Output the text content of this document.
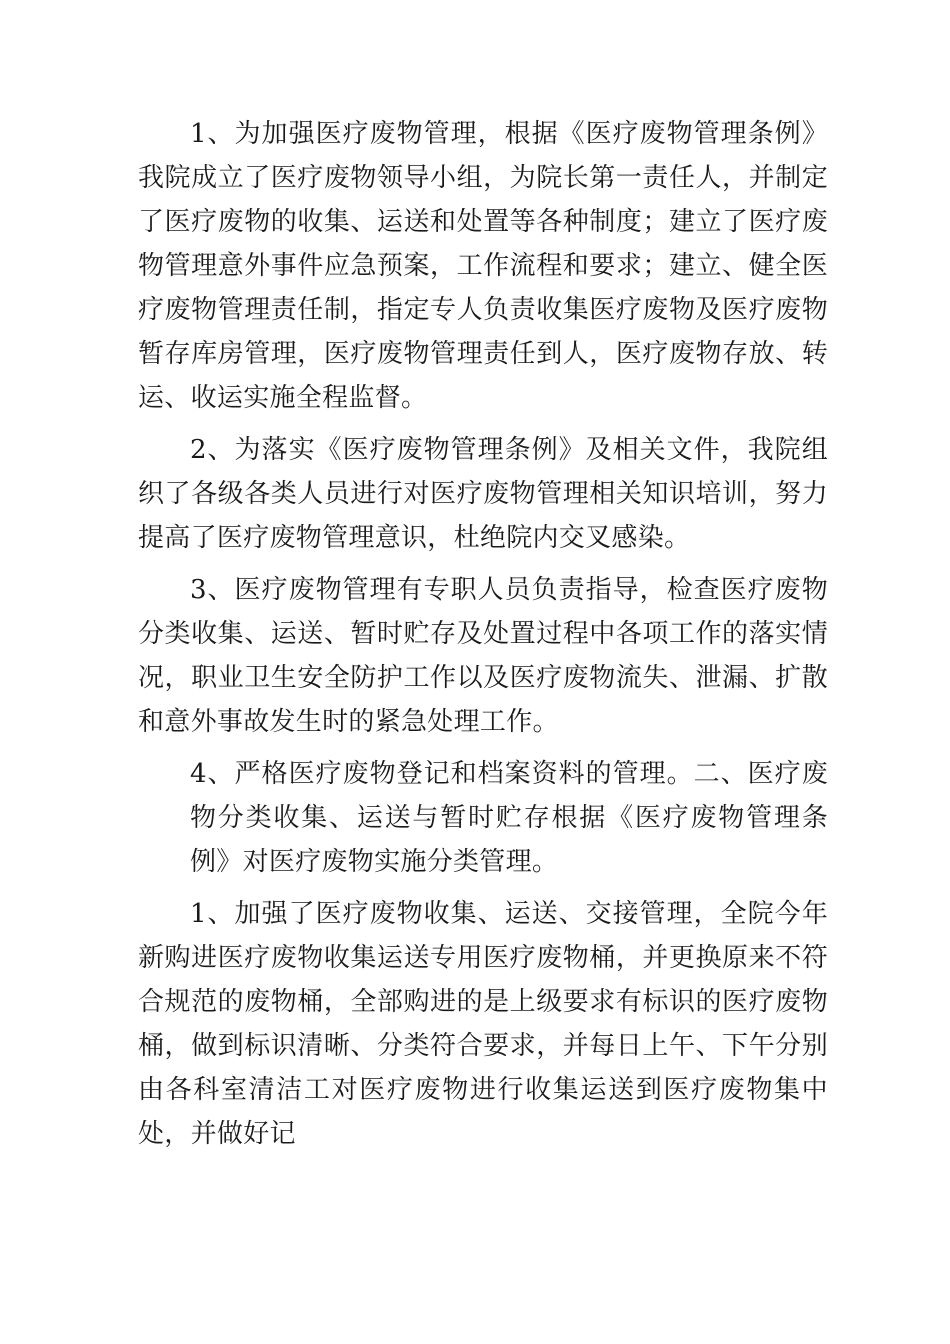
1、为加强医疗废物管理，根据《医疗废物管理条例》我院成立了医疗废物领导小组，为院长第一责任人，并制定了医疗废物的收集、运送和处置等各种制度；建立了医疗废物管理意外事件应急预案，工作流程和要求；建立、健全医疗废物管理责任制，指定专人负责收集医疗废物及医疗废物暂存库房管理，医疗废物管理责任到人，医疗废物存放、转运、收运实施全程监督。

2、为落实《医疗废物管理条例》及相关文件，我院组织了各级各类人员进行对医疗废物管理相关知识培训，努力提高了医疗废物管理意识，杜绝院内交叉感染。

3、医疗废物管理有专职人员负责指导，检查医疗废物分类收集、运送、暂时贮存及处置过程中各项工作的落实情况，职业卫生安全防护工作以及医疗废物流失、泄漏、扩散和意外事故发生时的紧急处理工作。

4、严格医疗废物登记和档案资料的管理。二、医疗废物分类收集、运送与暂时贮存根据《医疗废物管理条例》对医疗废物实施分类管理。

1、加强了医疗废物收集、运送、交接管理，全院今年新购进医疗废物收集运送专用医疗废物桶，并更换原来不符合规范的废物桶，全部购进的是上级要求有标识的医疗废物桶，做到标识清晰、分类符合要求，并每日上午、下午分别由各科室清洁工对医疗废物进行收集运送到医疗废物集中处，并做好记
